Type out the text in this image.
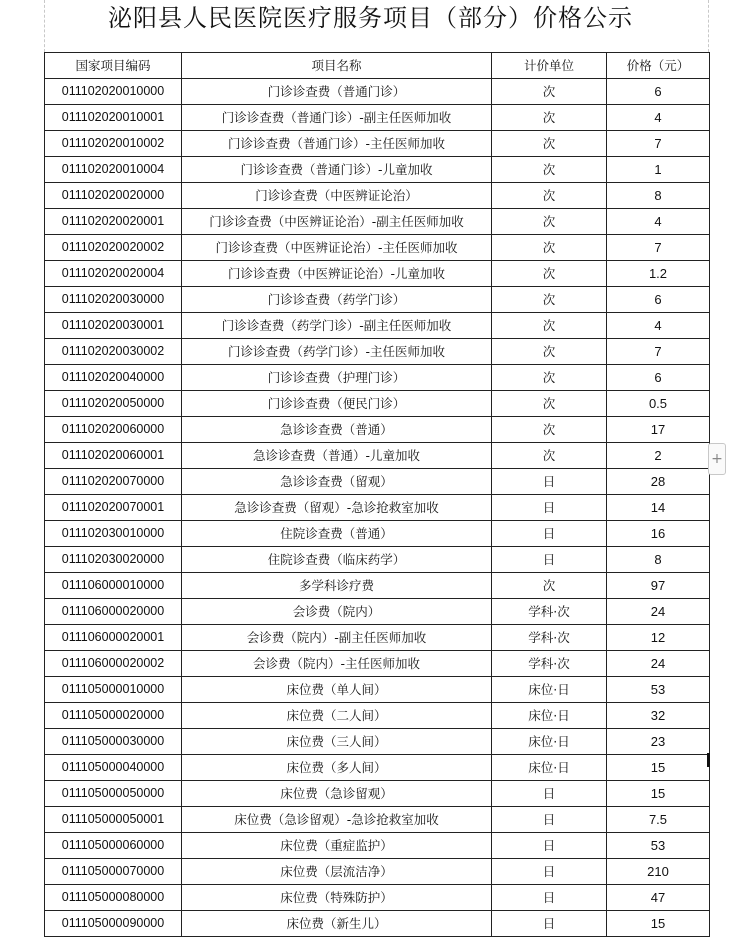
泌阳县人民医院医疗服务项目（部分）价格公示
国家项目编码	项目名称	计价单位	价格（元）
011102020010000	门诊诊查费（普通门诊）	次	6
011102020010001	门诊诊查费（普通门诊）-副主任医师加收	次	4
011102020010002	门诊诊查费（普通门诊）-主任医师加收	次	7
011102020010004	门诊诊查费（普通门诊）-儿童加收	次	1
011102020020000	门诊诊查费（中医辨证论治）	次	8
011102020020001	门诊诊查费（中医辨证论治）-副主任医师加收	次	4
011102020020002	门诊诊查费（中医辨证论治）-主任医师加收	次	7
011102020020004	门诊诊查费（中医辨证论治）-儿童加收	次	1.2
011102020030000	门诊诊查费（药学门诊）	次	6
011102020030001	门诊诊查费（药学门诊）-副主任医师加收	次	4
011102020030002	门诊诊查费（药学门诊）-主任医师加收	次	7
011102020040000	门诊诊查费（护理门诊）	次	6
011102020050000	门诊诊查费（便民门诊）	次	0.5
011102020060000	急诊诊查费（普通）	次	17
011102020060001	急诊诊查费（普通）-儿童加收	次	2
011102020070000	急诊诊查费（留观）	日	28
011102020070001	急诊诊查费（留观）-急诊抢救室加收	日	14
011102030010000	住院诊查费（普通）	日	16
011102030020000	住院诊查费（临床药学）	日	8
011106000010000	多学科诊疗费	次	97
011106000020000	会诊费（院内）	学科·次	24
011106000020001	会诊费（院内）-副主任医师加收	学科·次	12
011106000020002	会诊费（院内）-主任医师加收	学科·次	24
011105000010000	床位费（单人间）	床位·日	53
011105000020000	床位费（二人间）	床位·日	32
011105000030000	床位费（三人间）	床位·日	23
011105000040000	床位费（多人间）	床位·日	15
011105000050000	床位费（急诊留观）	日	15
011105000050001	床位费（急诊留观）-急诊抢救室加收	日	7.5
011105000060000	床位费（重症监护）	日	53
011105000070000	床位费（层流洁净）	日	210
011105000080000	床位费（特殊防护）	日	47
011105000090000	床位费（新生儿）	日	15
+
